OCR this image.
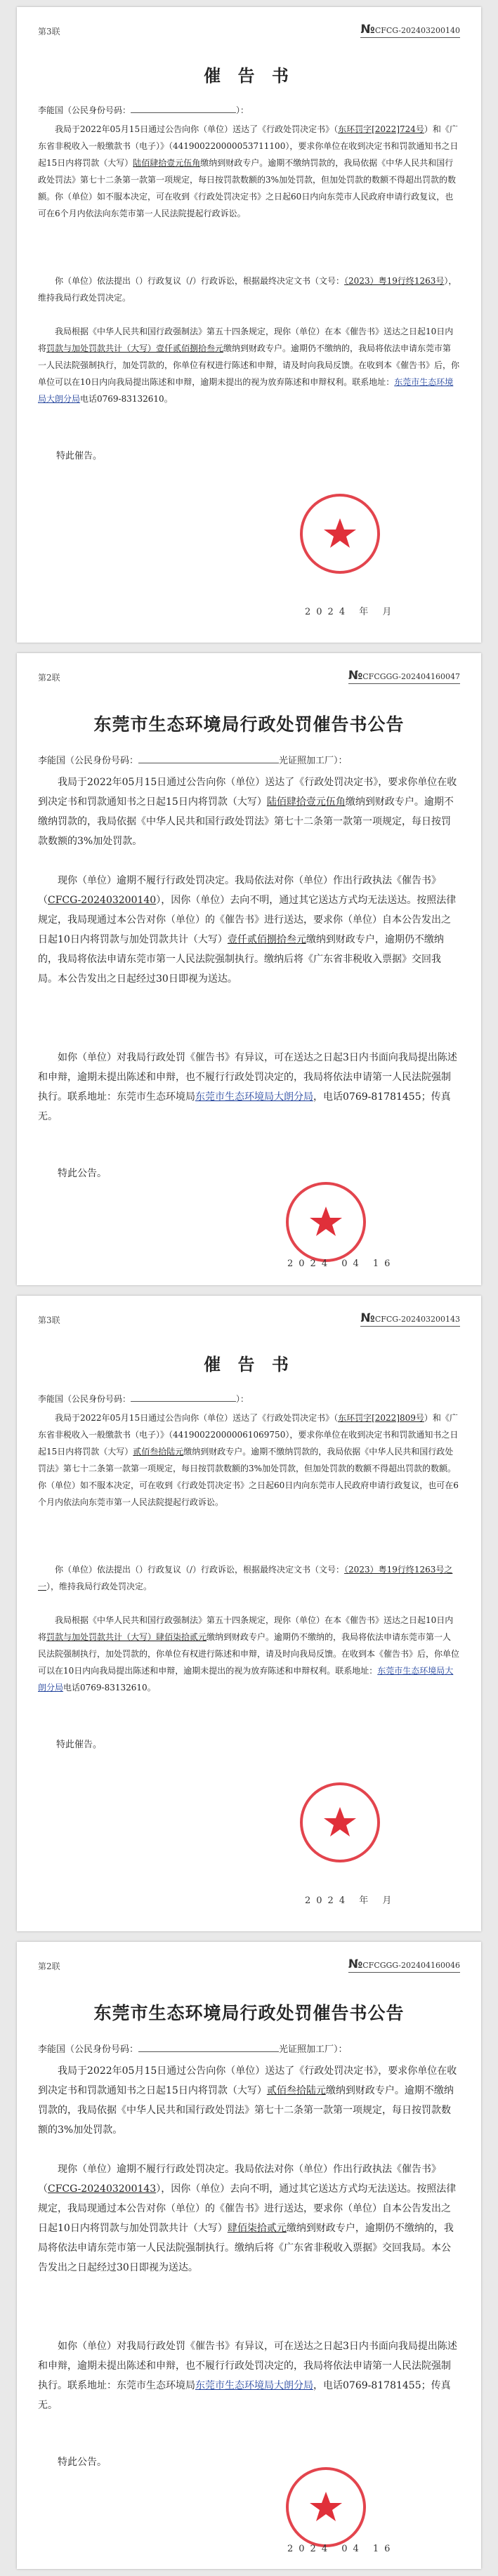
第3联	№CFCG-202403200140
催 告 书
李能国（公民身份号码：	）：
我局于2022年05月15日通过公告向你（单位）送达了《行政处罚决定书》（东环罚字[2022]724号）和《广东省非税收入一般缴款书（电子）》（441900220000053711100），要求你单位在收到决定书和罚款通知书之日起15日内将罚款（大写）陆佰肆拾壹元伍角缴纳到财政专户。逾期不缴纳罚款的，我局依据《中华人民共和国行政处罚法》第七十二条第一款第一项规定，每日按罚款数额的3%加处罚款，但加处罚款的数额不得超出罚款的数额。你（单位）如不服本决定，可在收到《行政处罚决定书》之日起60日内向东莞市人民政府申请行政复议，也可在6个月内依法向东莞市第一人民法院提起行政诉讼。
你（单位）依法提出（）行政复议（/）行政诉讼，根据最终决定文书（文号：（2023）粤19行终1263号），维持我局行政处罚决定。
我局根据《中华人民共和国行政强制法》第五十四条规定，现你（单位）在本《催告书》送达之日起10日内将罚款与加处罚款共计（大写）壹仟贰佰捌拾叁元缴纳到财政专户。逾期仍不缴纳的，我局将依法申请东莞市第一人民法院强制执行，加处罚款的，你单位有权进行陈述和申辩，请及时向我局反馈。在收到本《催告书》后，你单位可以在10日内向我局提出陈述和申辩，逾期未提出的视为放弃陈述和申辩权利。联系地址：东莞市生态环境局大朗分局电话0769-83132610。
特此催告。
2024 年 月
第2联	№CFCGGG-202404160047
东莞市生态环境局行政处罚催告书公告
李能国（公民身份号码：	光证照加工厂）：
我局于2022年05月15日通过公告向你（单位）送达了《行政处罚决定书》，要求你单位在收到决定书和罚款通知书之日起15日内将罚款（大写）陆佰肆拾壹元伍角缴纳到财政专户。逾期不缴纳罚款的，我局依据《中华人民共和国行政处罚法》第七十二条第一款第一项规定，每日按罚款数额的3%加处罚款。
现你（单位）逾期不履行行政处罚决定。我局依法对你（单位）作出行政执法《催告书》（CFCG-202403200140），因你（单位）去向不明，通过其它送达方式均无法送达。按照法律规定，我局现通过本公告对你（单位）的《催告书》进行送达，要求你（单位）自本公告发出之日起10日内将罚款与加处罚款共计（大写）壹仟贰佰捌拾叁元缴纳到财政专户，逾期仍不缴纳的，我局将依法申请东莞市第一人民法院强制执行。缴纳后将《广东省非税收入票据》交回我局。本公告发出之日起经过30日即视为送达。
如你（单位）对我局行政处罚《催告书》有异议，可在送达之日起3日内书面向我局提出陈述和申辩，逾期未提出陈述和申辩，也不履行行政处罚决定的，我局将依法申请第一人民法院强制执行。联系地址：东莞市生态环境局东莞市生态环境局大朗分局，电话0769-81781455；传真无。
特此公告。
2024 04 16
第3联	№CFCG-202403200143
催 告 书
李能国（公民身份号码：	）：
我局于2022年05月15日通过公告向你（单位）送达了《行政处罚决定书》（东环罚字[2022]809号）和《广东省非税收入一般缴款书（电子）》（441900220000061069750），要求你单位在收到决定书和罚款通知书之日起15日内将罚款（大写）贰佰叁拾陆元缴纳到财政专户。逾期不缴纳罚款的，我局依据《中华人民共和国行政处罚法》第七十二条第一款第一项规定，每日按罚款数额的3%加处罚款，但加处罚款的数额不得超出罚款的数额。你（单位）如不服本决定，可在收到《行政处罚决定书》之日起60日内向东莞市人民政府申请行政复议，也可在6个月内依法向东莞市第一人民法院提起行政诉讼。
你（单位）依法提出（）行政复议（/）行政诉讼，根据最终决定文书（文号：（2023）粤19行终1263号之一），维持我局行政处罚决定。
我局根据《中华人民共和国行政强制法》第五十四条规定，现你（单位）在本《催告书》送达之日起10日内将罚款与加处罚款共计（大写）肆佰柒拾贰元缴纳到财政专户。逾期仍不缴纳的，我局将依法申请东莞市第一人民法院强制执行，加处罚款的，你单位有权进行陈述和申辩，请及时向我局反馈。在收到本《催告书》后，你单位可以在10日内向我局提出陈述和申辩，逾期未提出的视为放弃陈述和申辩权利。联系地址：东莞市生态环境局大朗分局电话0769-83132610。
特此催告。
2024 年 月
第2联	№CFCGGG-202404160046
东莞市生态环境局行政处罚催告书公告
李能国（公民身份号码：	光证照加工厂）：
我局于2022年05月15日通过公告向你（单位）送达了《行政处罚决定书》，要求你单位在收到决定书和罚款通知书之日起15日内将罚款（大写）贰佰叁拾陆元缴纳到财政专户。逾期不缴纳罚款的，我局依据《中华人民共和国行政处罚法》第七十二条第一款第一项规定，每日按罚款数额的3%加处罚款。
现你（单位）逾期不履行行政处罚决定。我局依法对你（单位）作出行政执法《催告书》（CFCG-202403200143），因你（单位）去向不明，通过其它送达方式均无法送达。按照法律规定，我局现通过本公告对你（单位）的《催告书》进行送达，要求你（单位）自本公告发出之日起10日内将罚款与加处罚款共计（大写）肆佰柒拾贰元缴纳到财政专户，逾期仍不缴纳的，我局将依法申请东莞市第一人民法院强制执行。缴纳后将《广东省非税收入票据》交回我局。本公告发出之日起经过30日即视为送达。
如你（单位）对我局行政处罚《催告书》有异议，可在送达之日起3日内书面向我局提出陈述和申辩，逾期未提出陈述和申辩，也不履行行政处罚决定的，我局将依法申请第一人民法院强制执行。联系地址：东莞市生态环境局东莞市生态环境局大朗分局，电话0769-81781455；传真无。
特此公告。
2024 04 16
